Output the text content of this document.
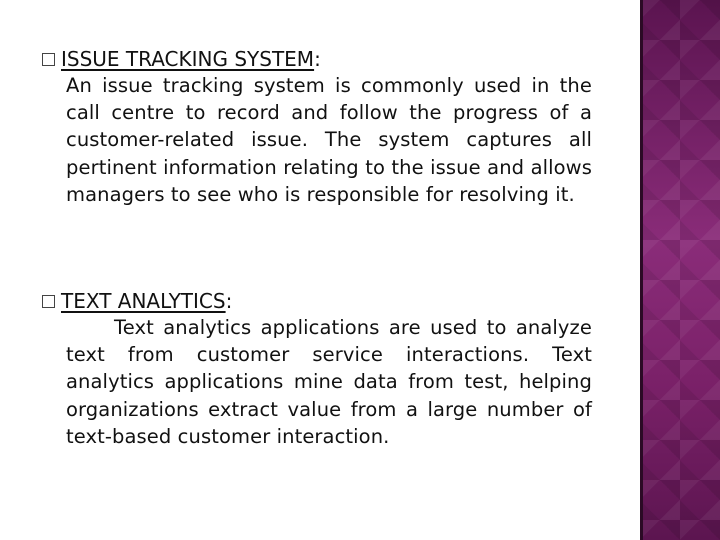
ISSUE TRACKING SYSTEM :

An issue tracking system is commonly used in the call centre to record and follow the progress of a customer-related issue. The system captures all pertinent information relating to the issue and allows managers to see who is responsible for resolving it.

TEXT ANALYTICS :

Text analytics applications are used to analyze text from customer service interactions. Text analytics applications mine data from test, helping organizations extract value from a large number of text-based customer interaction.
